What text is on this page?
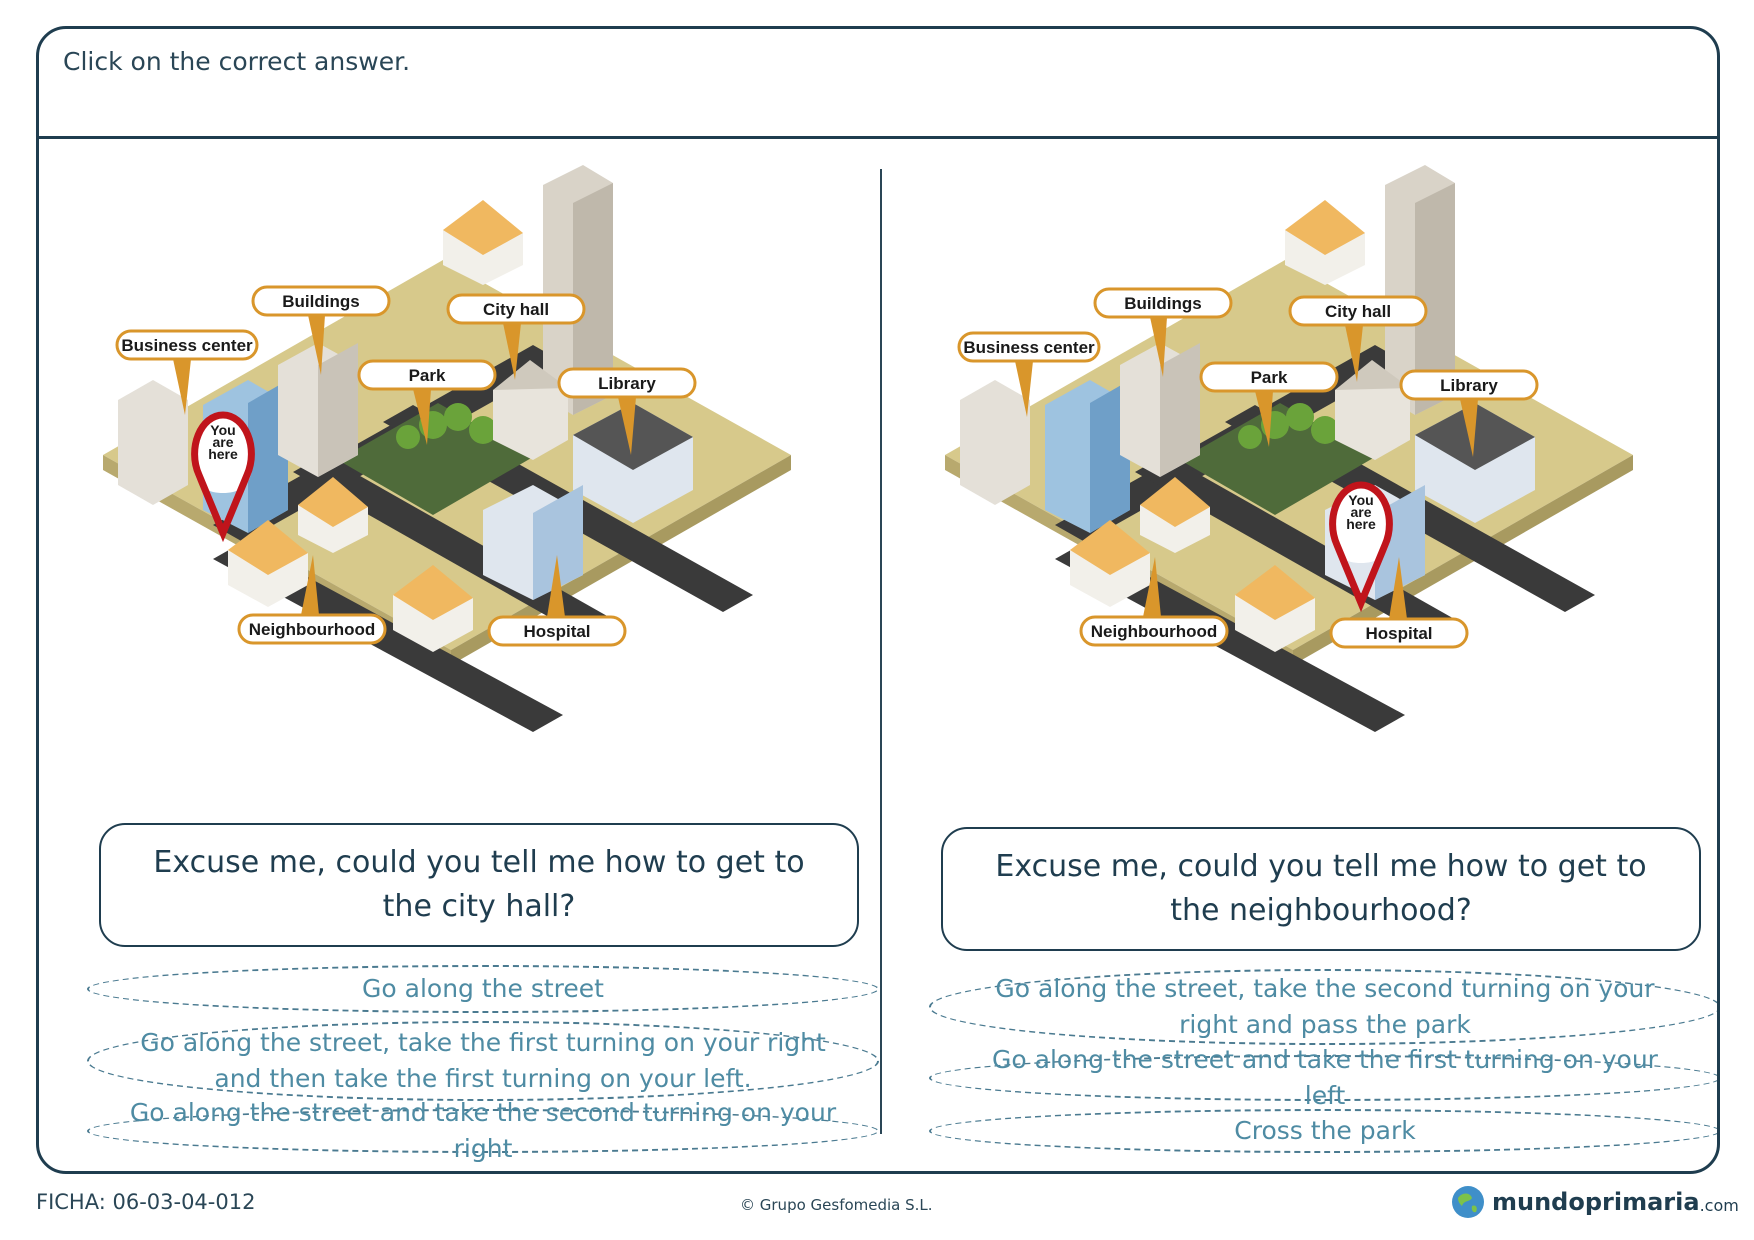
Click on the correct answer.
Buildings	City hall
Business center
Park	Library
Neighbourhood	Hospital
You
are
here
Excuse me, could you tell me how to get to the city hall?
Go along the street
Go along the street, take the first turning on your right and then take the first turning on your left.
Go along the street and take the second turning on your right
Buildings	City hall
Business center
Park	Library
Neighbourhood	Hospital
You
are
here
Excuse me, could you tell me how to get to the neighbourhood?
Go along the street, take the second turning on your right and pass the park
Go along the street and take the first turning on your left
Cross the park
FICHA: 06-03-04-012	© Grupo Gesfomedia S.L.	mundoprimaria .com
